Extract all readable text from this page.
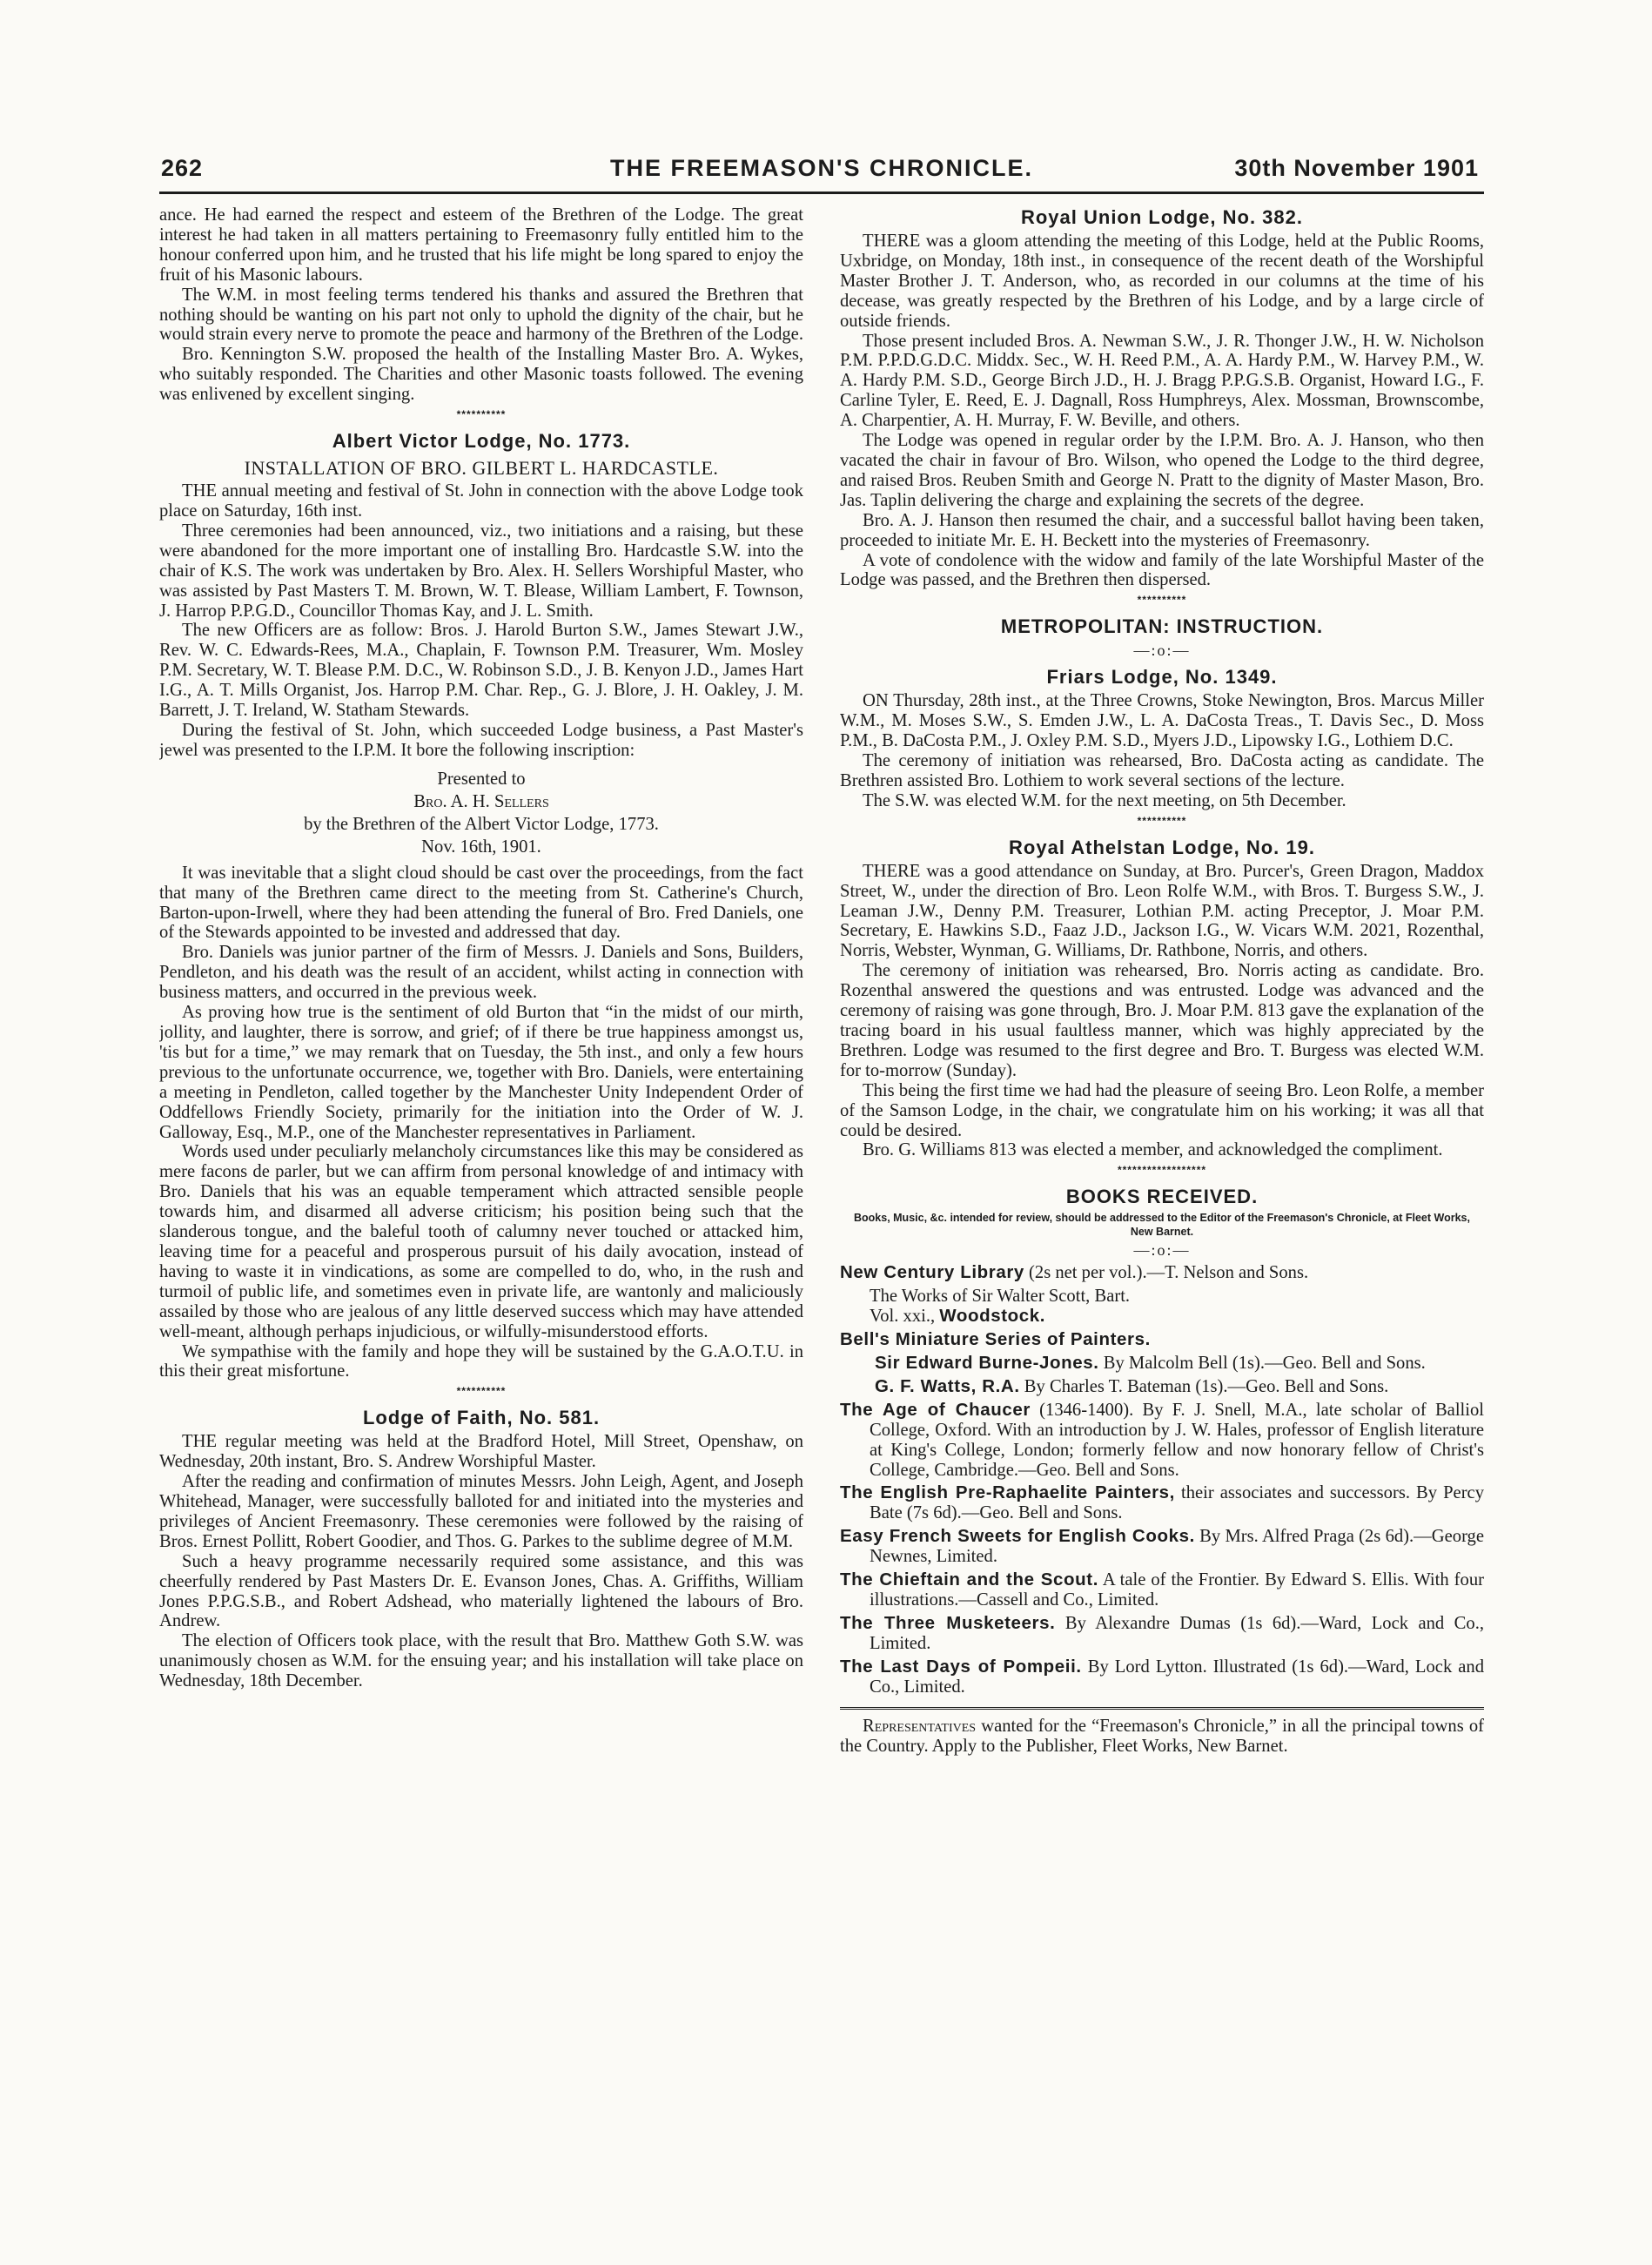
262	THE FREEMASON'S CHRONICLE.	30th November 1901

ance. He had earned the respect and esteem of the Brethren of the Lodge. The great interest he had taken in all matters pertaining to Freemasonry fully entitled him to the honour conferred upon him, and he trusted that his life might be long spared to enjoy the fruit of his Masonic labours.

The W.M. in most feeling terms tendered his thanks and assured the Brethren that nothing should be wanting on his part not only to uphold the dignity of the chair, but he would strain every nerve to promote the peace and harmony of the Brethren of the Lodge.

Bro. Kennington S.W. proposed the health of the Installing Master Bro. A. Wykes, who suitably responded. The Charities and other Masonic toasts followed. The evening was enlivened by excellent singing.

**********
Albert Victor Lodge, No. 1773.
INSTALLATION OF BRO. GILBERT L. HARDCASTLE.

THE annual meeting and festival of St. John in connection with the above Lodge took place on Saturday, 16th inst.

Three ceremonies had been announced, viz., two initiations and a raising, but these were abandoned for the more important one of installing Bro. Hardcastle S.W. into the chair of K.S. The work was undertaken by Bro. Alex. H. Sellers Worshipful Master, who was assisted by Past Masters T. M. Brown, W. T. Blease, William Lambert, F. Townson, J. Harrop P.P.G.D., Councillor Thomas Kay, and J. L. Smith.

The new Officers are as follow: Bros. J. Harold Burton S.W., James Stewart J.W., Rev. W. C. Edwards-Rees, M.A., Chaplain, F. Townson P.M. Treasurer, Wm. Mosley P.M. Secretary, W. T. Blease P.M. D.C., W. Robinson S.D., J. B. Kenyon J.D., James Hart I.G., A. T. Mills Organist, Jos. Harrop P.M. Char. Rep., G. J. Blore, J. H. Oakley, J. M. Barrett, J. T. Ireland, W. Statham Stewards.

During the festival of St. John, which succeeded Lodge business, a Past Master's jewel was presented to the I.P.M. It bore the following inscription:

Presented to
Bro. A. H. Sellers
by the Brethren of the Albert Victor Lodge, 1773.
Nov. 16th, 1901.

It was inevitable that a slight cloud should be cast over the proceedings, from the fact that many of the Brethren came direct to the meeting from St. Catherine's Church, Barton-upon-Irwell, where they had been attending the funeral of Bro. Fred Daniels, one of the Stewards appointed to be invested and addressed that day.

Bro. Daniels was junior partner of the firm of Messrs. J. Daniels and Sons, Builders, Pendleton, and his death was the result of an accident, whilst acting in connection with business matters, and occurred in the previous week.

As proving how true is the sentiment of old Burton that “in the midst of our mirth, jollity, and laughter, there is sorrow, and grief; of if there be true happiness amongst us, 'tis but for a time,” we may remark that on Tuesday, the 5th inst., and only a few hours previous to the unfortunate occurrence, we, together with Bro. Daniels, were entertaining a meeting in Pendleton, called together by the Manchester Unity Independent Order of Oddfellows Friendly Society, primarily for the initiation into the Order of W. J. Galloway, Esq., M.P., one of the Manchester representatives in Parliament.

Words used under peculiarly melancholy circumstances like this may be considered as mere facons de parler, but we can affirm from personal knowledge of and intimacy with Bro. Daniels that his was an equable temperament which attracted sensible people towards him, and disarmed all adverse criticism; his position being such that the slanderous tongue, and the baleful tooth of calumny never touched or attacked him, leaving time for a peaceful and prosperous pursuit of his daily avocation, instead of having to waste it in vindications, as some are compelled to do, who, in the rush and turmoil of public life, and sometimes even in private life, are wantonly and maliciously assailed by those who are jealous of any little deserved success which may have attended well-meant, although perhaps injudicious, or wilfully-misunderstood efforts.

We sympathise with the family and hope they will be sustained by the G.A.O.T.U. in this their great misfortune.

**********
Lodge of Faith, No. 581.

THE regular meeting was held at the Bradford Hotel, Mill Street, Openshaw, on Wednesday, 20th instant, Bro. S. Andrew Worshipful Master.

After the reading and confirmation of minutes Messrs. John Leigh, Agent, and Joseph Whitehead, Manager, were successfully balloted for and initiated into the mysteries and privileges of Ancient Freemasonry. These ceremonies were followed by the raising of Bros. Ernest Pollitt, Robert Goodier, and Thos. G. Parkes to the sublime degree of M.M.

Such a heavy programme necessarily required some assistance, and this was cheerfully rendered by Past Masters Dr. E. Evanson Jones, Chas. A. Griffiths, William Jones P.P.G.S.B., and Robert Adshead, who materially lightened the labours of Bro. Andrew.

The election of Officers took place, with the result that Bro. Matthew Goth S.W. was unanimously chosen as W.M. for the ensuing year; and his installation will take place on Wednesday, 18th December.

Royal Union Lodge, No. 382.

THERE was a gloom attending the meeting of this Lodge, held at the Public Rooms, Uxbridge, on Monday, 18th inst., in consequence of the recent death of the Worshipful Master Brother J. T. Anderson, who, as recorded in our columns at the time of his decease, was greatly respected by the Brethren of his Lodge, and by a large circle of outside friends.

Those present included Bros. A. Newman S.W., J. R. Thonger J.W., H. W. Nicholson P.M. P.P.D.G.D.C. Middx. Sec., W. H. Reed P.M., A. A. Hardy P.M., W. Harvey P.M., W. A. Hardy P.M. S.D., George Birch J.D., H. J. Bragg P.P.G.S.B. Organist, Howard I.G., F. Carline Tyler, E. Reed, E. J. Dagnall, Ross Humphreys, Alex. Mossman, Brownscombe, A. Charpentier, A. H. Murray, F. W. Beville, and others.

The Lodge was opened in regular order by the I.P.M. Bro. A. J. Hanson, who then vacated the chair in favour of Bro. Wilson, who opened the Lodge to the third degree, and raised Bros. Reuben Smith and George N. Pratt to the dignity of Master Mason, Bro. Jas. Taplin delivering the charge and explaining the secrets of the degree.

Bro. A. J. Hanson then resumed the chair, and a successful ballot having been taken, proceeded to initiate Mr. E. H. Beckett into the mysteries of Freemasonry.

A vote of condolence with the widow and family of the late Worshipful Master of the Lodge was passed, and the Brethren then dispersed.

**********
METROPOLITAN: INSTRUCTION.
—:o:—
Friars Lodge, No. 1349.

ON Thursday, 28th inst., at the Three Crowns, Stoke Newington, Bros. Marcus Miller W.M., M. Moses S.W., S. Emden J.W., L. A. DaCosta Treas., T. Davis Sec., D. Moss P.M., B. DaCosta P.M., J. Oxley P.M. S.D., Myers J.D., Lipowsky I.G., Lothiem D.C.

The ceremony of initiation was rehearsed, Bro. DaCosta acting as candidate. The Brethren assisted Bro. Lothiem to work several sections of the lecture.

The S.W. was elected W.M. for the next meeting, on 5th December.

**********
Royal Athelstan Lodge, No. 19.

THERE was a good attendance on Sunday, at Bro. Purcer's, Green Dragon, Maddox Street, W., under the direction of Bro. Leon Rolfe W.M., with Bros. T. Burgess S.W., J. Leaman J.W., Denny P.M. Treasurer, Lothian P.M. acting Preceptor, J. Moar P.M. Secretary, E. Hawkins S.D., Faaz J.D., Jackson I.G., W. Vicars W.M. 2021, Rozenthal, Norris, Webster, Wynman, G. Williams, Dr. Rathbone, Norris, and others.

The ceremony of initiation was rehearsed, Bro. Norris acting as candidate. Bro. Rozenthal answered the questions and was entrusted. Lodge was advanced and the ceremony of raising was gone through, Bro. J. Moar P.M. 813 gave the explanation of the tracing board in his usual faultless manner, which was highly appreciated by the Brethren. Lodge was resumed to the first degree and Bro. T. Burgess was elected W.M. for to-morrow (Sunday).

This being the first time we had had the pleasure of seeing Bro. Leon Rolfe, a member of the Samson Lodge, in the chair, we congratulate him on his working; it was all that could be desired.

Bro. G. Williams 813 was elected a member, and acknowledged the compliment.

******************
BOOKS RECEIVED.
Books, Music, &c. intended for review, should be addressed to the Editor of the Freemason's Chronicle, at Fleet Works, New Barnet.
—:o:—
New Century Library (2s net per vol.).—T. Nelson and Sons.
The Works of Sir Walter Scott, Bart.
Vol. xxi., Woodstock.
Bell's Miniature Series of Painters.
Sir Edward Burne-Jones. By Malcolm Bell (1s).—Geo. Bell and Sons.
G. F. Watts, R.A. By Charles T. Bateman (1s).—Geo. Bell and Sons.
The Age of Chaucer (1346-1400). By F. J. Snell, M.A., late scholar of Balliol College, Oxford. With an introduction by J. W. Hales, professor of English literature at King's College, London; formerly fellow and now honorary fellow of Christ's College, Cambridge.—Geo. Bell and Sons.
The English Pre-Raphaelite Painters, their associates and successors. By Percy Bate (7s 6d).—Geo. Bell and Sons.
Easy French Sweets for English Cooks. By Mrs. Alfred Praga (2s 6d).—George Newnes, Limited.
The Chieftain and the Scout. A tale of the Frontier. By Edward S. Ellis. With four illustrations.—Cassell and Co., Limited.
The Three Musketeers. By Alexandre Dumas (1s 6d).—Ward, Lock and Co., Limited.
The Last Days of Pompeii. By Lord Lytton. Illustrated (1s 6d).—Ward, Lock and Co., Limited.

Representatives wanted for the “Freemason's Chronicle,” in all the principal towns of the Country. Apply to the Publisher, Fleet Works, New Barnet.
